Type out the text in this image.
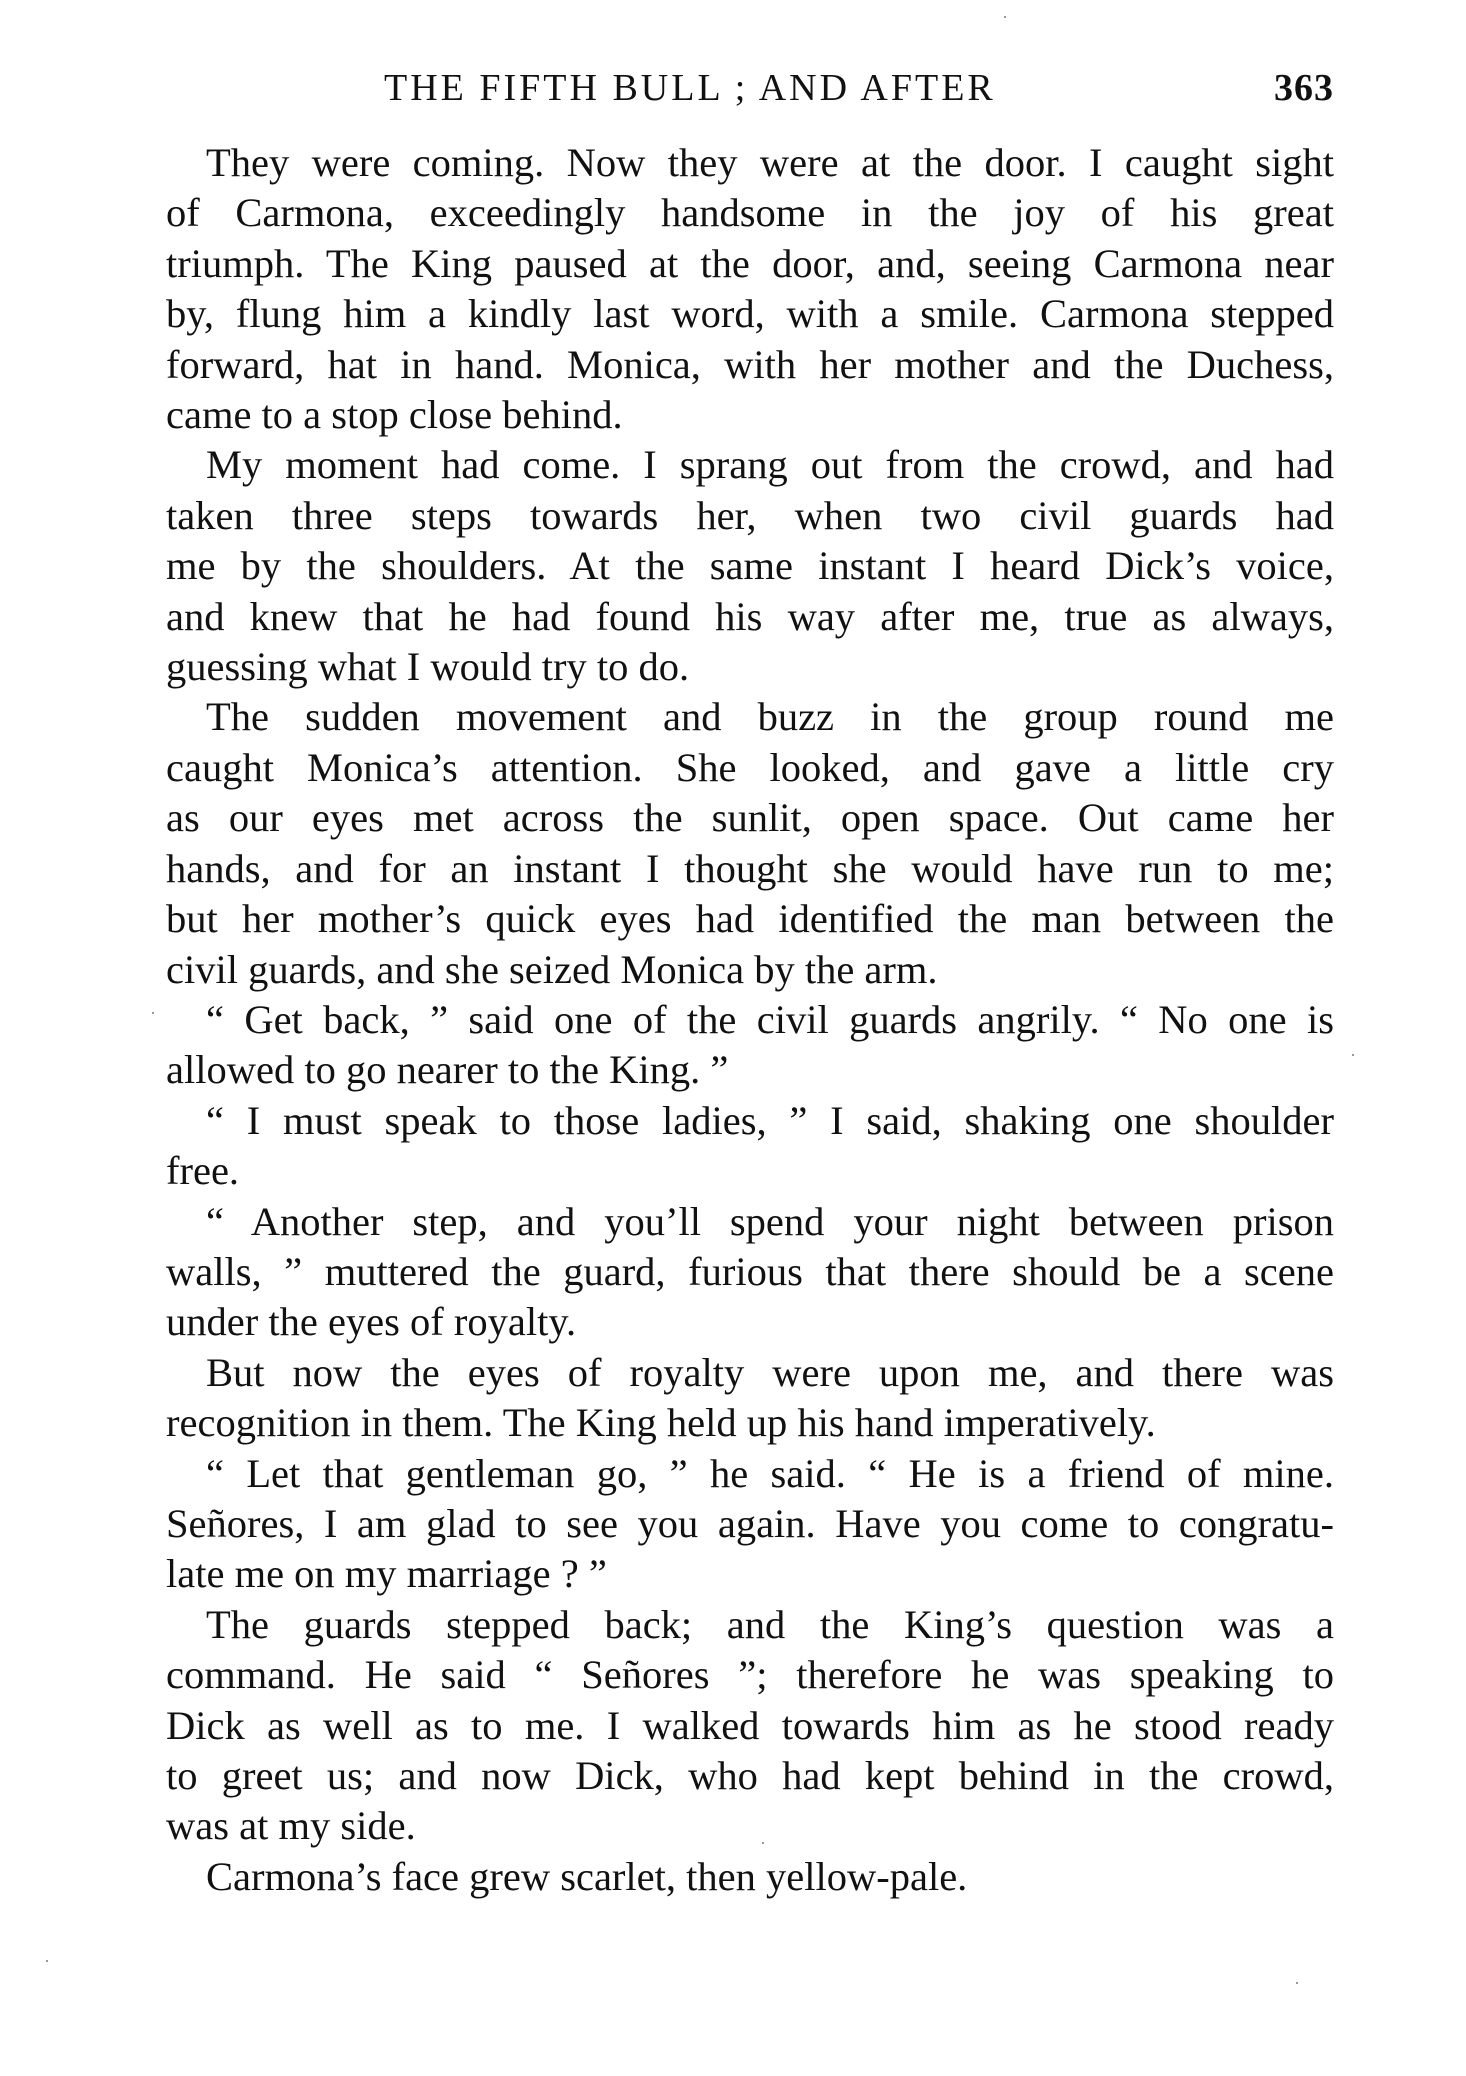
THE FIFTH BULL ; AND AFTER	363

They were coming. Now they were at the door. I caught sight
of Carmona, exceedingly handsome in the joy of his great
triumph. The King paused at the door, and, seeing Carmona near
by, flung him a kindly last word, with a smile. Carmona stepped
forward, hat in hand. Monica, with her mother and the Duchess,
came to a stop close behind.

My moment had come. I sprang out from the crowd, and had
taken three steps towards her, when two civil guards had
me by the shoulders. At the same instant I heard Dick’s voice,
and knew that he had found his way after me, true as always,
guessing what I would try to do.

The sudden movement and buzz in the group round me
caught Monica’s attention. She looked, and gave a little cry
as our eyes met across the sunlit, open space. Out came her
hands, and for an instant I thought she would have run to me;
but her mother’s quick eyes had identified the man between the
civil guards, and she seized Monica by the arm.

“ Get back, ” said one of the civil guards angrily. “ No one is
allowed to go nearer to the King. ”

“ I must speak to those ladies, ” I said, shaking one shoulder
free.

“ Another step, and you’ll spend your night between prison
walls, ” muttered the guard, furious that there should be a scene
under the eyes of royalty.

But now the eyes of royalty were upon me, and there was
recognition in them. The King held up his hand imperatively.

“ Let that gentleman go, ” he said. “ He is a friend of mine.
Señores, I am glad to see you again. Have you come to congratu-
late me on my marriage ? ”

The guards stepped back; and the King’s question was a
command. He said “ Señores ”; therefore he was speaking to
Dick as well as to me. I walked towards him as he stood ready
to greet us; and now Dick, who had kept behind in the crowd,
was at my side.

Carmona’s face grew scarlet, then yellow-pale.
